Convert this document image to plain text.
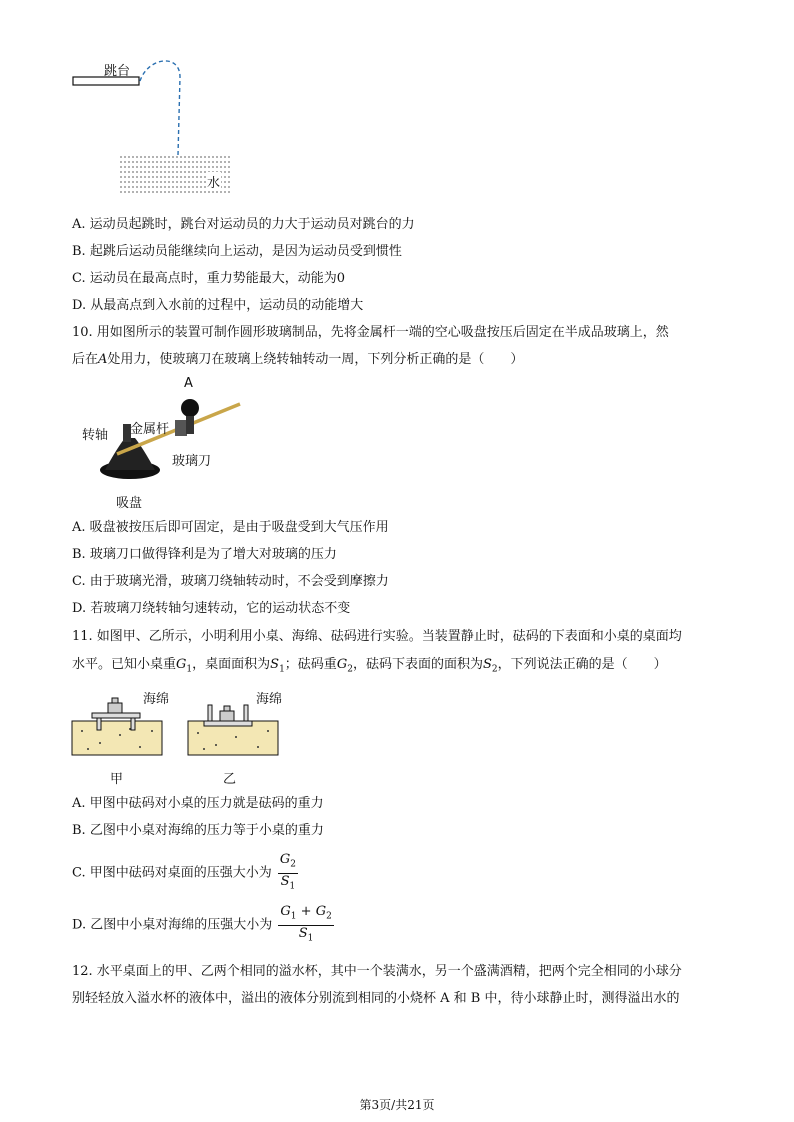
跳台
水
A. 运动员起跳时，跳台对运动员的力大于运动员对跳台的力
B. 起跳后运动员能继续向上运动，是因为运动员受到惯性
C. 运动员在最高点时，重力势能最大，动能为0
D. 从最高点到入水前的过程中，运动员的动能增大
10. 用如图所示的装置可制作圆形玻璃制品，先将金属杆一端的空心吸盘按压后固定在半成品玻璃上，然
后在A处用力，使玻璃刀在玻璃上绕转轴转动一周，下列分析正确的是（　　）
A
转轴 金属杆
玻璃刀
吸盘
A. 吸盘被按压后即可固定，是由于吸盘受到大气压作用
B. 玻璃刀口做得锋利是为了增大对玻璃的压力
C. 由于玻璃光滑，玻璃刀绕轴转动时，不会受到摩擦力
D. 若玻璃刀绕转轴匀速转动，它的运动状态不变
11. 如图甲、乙所示，小明利用小桌、海绵、砝码进行实验。当装置静止时，砝码的下表面和小桌的桌面均
水平。已知小桌重$G_1$，桌面面积为$S_1$；砝码重$G_2$，砝码下表面的面积为$S_2$，下列说法正确的是（　　）
海绵	海绵
甲	乙
A. 甲图中砝码对小桌的压力就是砝码的重力
B. 乙图中小桌对海绵的压力等于小桌的重力
C. 甲图中砝码对桌面的压强大小为 $\frac{G_2}{S_1}$
D. 乙图中小桌对海绵的压强大小为 $\frac{G_1 + G_2}{S_1}$
12. 水平桌面上的甲、乙两个相同的溢水杯，其中一个装满水，另一个盛满酒精，把两个完全相同的小球分
别轻轻放入溢水杯的液体中，溢出的液体分别流到相同的小烧杯 A 和 B 中，待小球静止时，测得溢出水的
第3页/共21页
